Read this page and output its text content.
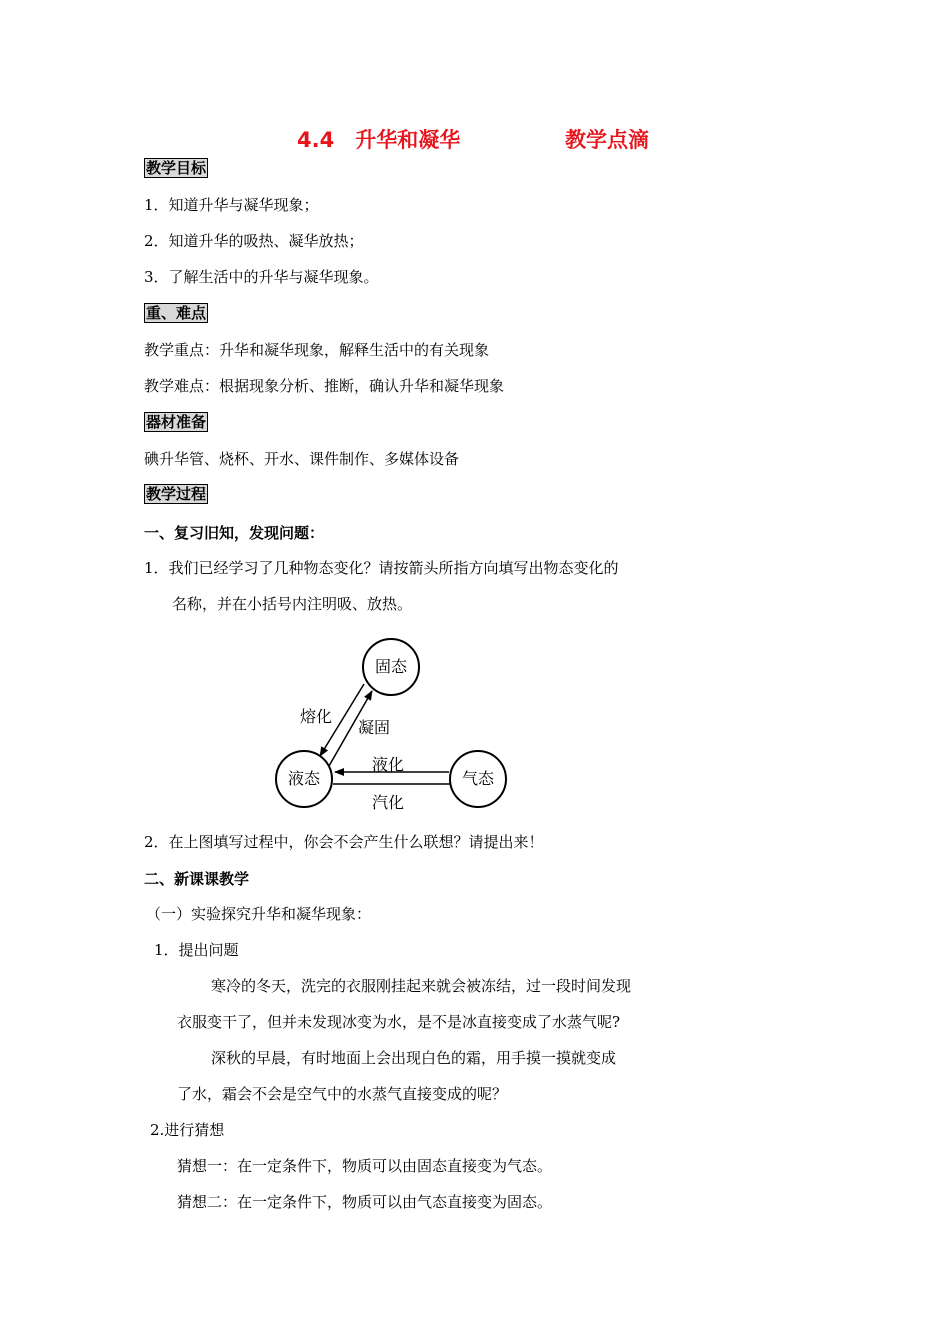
4.4　升华和凝华	教学点滴
教学目标
1．知道升华与凝华现象；
2．知道升华的吸热、凝华放热；
3．了解生活中的升华与凝华现象。
重、难点
教学重点：升华和凝华现象，解释生活中的有关现象
教学难点：根据现象分析、推断，确认升华和凝华现象
器材准备
碘升华管、烧杯、开水、课件制作、多媒体设备
教学过程
一、复习旧知，发现问题：
1．我们已经学习了几种物态变化？请按箭头所指方向填写出物态变化的
名称，并在小括号内注明吸、放热。
固态
液态	气态
熔化
凝固
液化
汽化
2．在上图填写过程中，你会不会产生什么联想？请提出来！
二、新课课教学
（一）实验探究升华和凝华现象：
1．提出问题
寒冷的冬天，洗完的衣服刚挂起来就会被冻结，过一段时间发现
衣服变干了，但并未发现冰变为水，是不是冰直接变成了水蒸气呢?
深秋的早晨，有时地面上会出现白色的霜，用手摸一摸就变成
了水，霜会不会是空气中的水蒸气直接变成的呢？
2.进行猜想
猜想一：在一定条件下，物质可以由固态直接变为气态。
猜想二：在一定条件下，物质可以由气态直接变为固态。
